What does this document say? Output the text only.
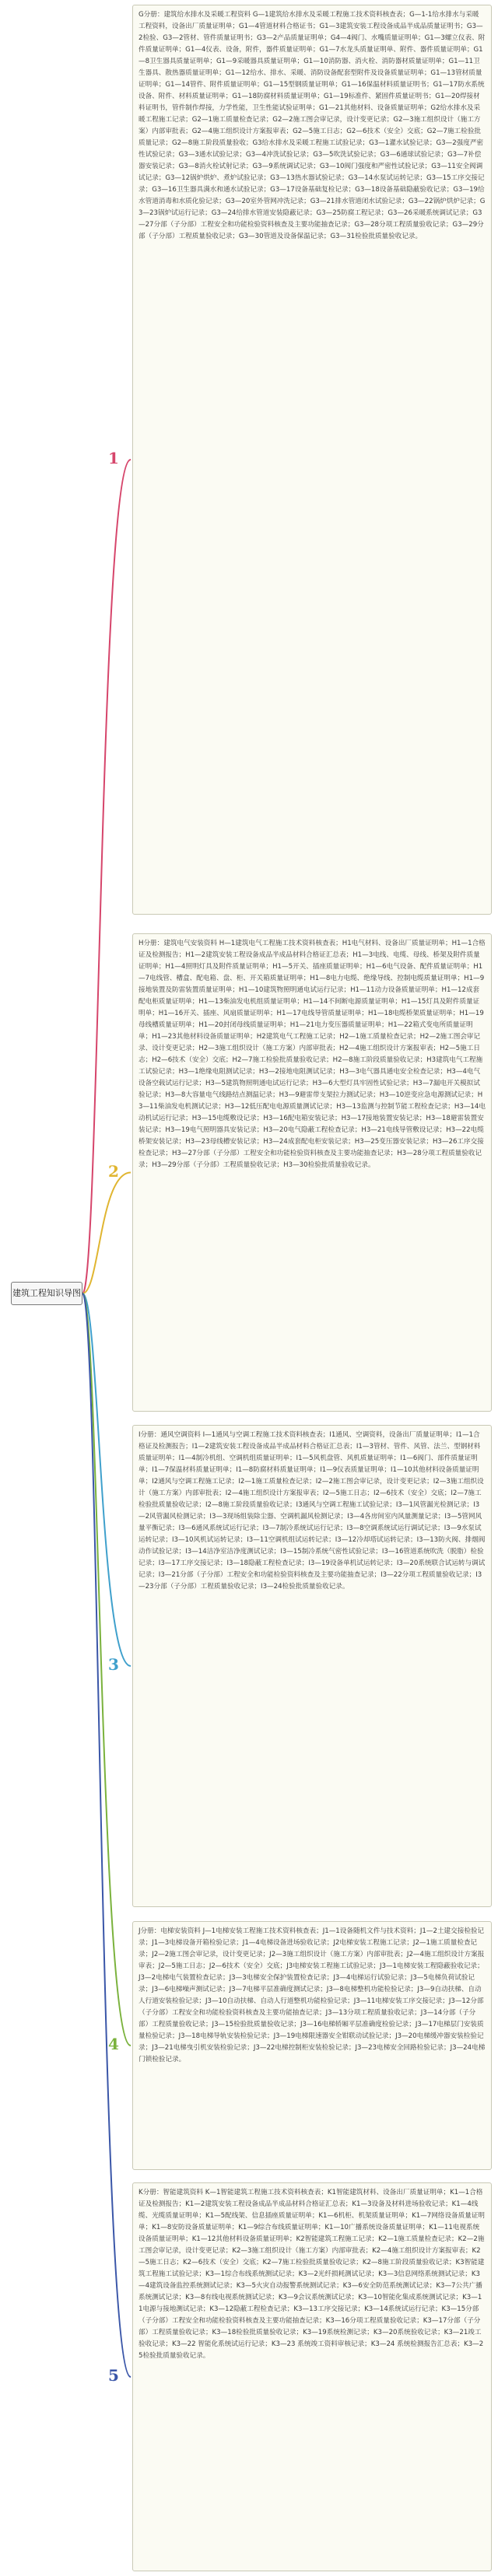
建筑工程知识导图
1
G分册：建筑给水排水及采暖工程资料 G—1建筑给水排水及采暖工程施工技术资料核查表；G—1-1给水排水与采暖工程资料，设备出厂质量证明单；G1—4管道材料合格证书；G1—3建筑安装工程设备成品半成品质量证明书；G3—2检验、G3—2管材、管件质量证明书；G3—2产品质量证明单；G4—4阀门、水嘴质量证明单；G1—3螺立仪表、附件质量证明单；G1—4仪表、设备，附件，器件质量证明单；G1—7水龙头质量证明单、附件、器件质量证明单；G1—8卫生器具质量证明单；G1—9采暖器具质量证明单；G1—10消防器、消火栓、消防器材质量证明单；G1—11卫生器具、散热器质量证明单；G1—12给水、排水、采暖、消防设备配套型附件及设备质量证明单；G1—13管材质量证明单；G1—14管件、附件质量证明单；G1—15型钢质量证明单；G1—16保温材料质量证明书；G1—17防水系统设备、附件、材料质量证明单；G1—18防腐材料质量证明单；G1—19标准件、紧固件质量证明书；G1—20焊接材料证明书，管件制作焊接，力学性能，卫生性能试验证明单；G1—21其他材料、设备质量证明单；G2给水排水及采暖工程施工记录；G2—1施工质量检查记录；G2—2施工图会审记录，设计变更记录；G2—3施工组织设计（施工方案）内部审批表；G2—4施工组织设计方案报审表；G2—5施工日志；G2—6技术（安全）交底；G2—7施工检验批质量记录；G2—8施工阶段质量验收；G3给水排水及采暖工程施工试验记录；G3—1灌水试验记录；G3—2强度严密性试验记录；G3—3通水试验记录；G3—4冲洗试验记录；G3—5吹洗试验记录；G3—6通球试验记录；G3—7补偿器安装记录；G3—8消火栓试射记录；G3—9系统调试记录；G3—10阀门强度和严密性试验记录；G3—11安全阀调试记录；G3—12锅炉烘炉、煮炉试验记录；G3—13热水器试验记录；G3—14水泵试运转记录；G3—15工序交接记录；G3—16卫生器具满水和通水试验记录；G3—17设备基础复检记录；G3—18设备基础隐蔽验收记录；G3—19给水管道消毒和水质化验记录；G3—20室外管网冲洗记录；G3—21排水管道闭水试验记录；G3—22锅炉烘炉记录；G3—23锅炉试运行记录；G3—24给排水管道安装隐蔽记录；G3—25防腐工程记录；G3—26采暖系统调试记录；G3—27分部（子分部）工程安全和功能检验资料核查及主要功能抽查记录；G3—28分项工程质量验收记录；G3—29分部（子分部）工程质量验收记录；G3—30管道及设备保温记录；G3—31检验批质量验收记录。
2
H分册：建筑电气安装资料 H—1建筑电气工程施工技术资料核查表；H1电气材料、设备出厂质量证明单；H1—1合格证及检测报告；H1—2建筑安装工程设备成品半成品材料合格证汇总表；H1—3电线、电缆、母线、桥架及附件质量证明单；H1—4照明灯具及附件质量证明单；H1—5开关、插座质量证明单；H1—6电气设备、配件质量证明单；H1—7电线管、槽盒、配电箱、盘、柜、开关箱质量证明单；H1—8电力电缆、绝缘导线、控制电缆质量证明单；H1—9接地装置及防雷装置质量证明单；H1—10建筑物照明通电试运行记录；H1—11动力设备质量证明单；H1—12成套配电柜质量证明单；H1—13柴油发电机组质量证明单；H1—14不间断电源质量证明单；H1—15灯具及附件质量证明单；H1—16开关、插座、风扇质量证明单；H1—17电线导管质量证明单；H1—18电缆桥架质量证明单；H1—19母线槽质量证明单；H1—20封闭母线质量证明单；H1—21电力变压器质量证明单；H1—22箱式变电所质量证明单；H1—23其他材料设备质量证明单；H2建筑电气工程施工记录；H2—1施工质量检查记录；H2—2施工图会审记录、设计变更记录；H2—3施工组织设计（施工方案）内部审批表；H2—4施工组织设计方案报审表；H2—5施工日志；H2—6技术（安全）交底；H2—7施工检验批质量验收记录；H2—8施工阶段质量验收记录；H3建筑电气工程施工试验记录；H3—1绝缘电阻测试记录；H3—2接地电阻测试记录；H3—3电气器具通电安全检查记录；H3—4电气设备空载试运行记录；H3—5建筑物照明通电试运行记录；H3—6大型灯具牢固性试验记录；H3—7漏电开关模拟试验记录；H3—8大容量电气线路结点测温记录；H3—9避雷带支架拉力测试记录；H3—10逆变应急电源测试记录；H3—11柴油发电机测试记录；H3—12低压配电电源质量测试记录；H3—13监测与控制节能工程检查记录；H3—14电动机试运行记录；H3—15电缆敷设记录；H3—16配电箱安装记录；H3—17接地装置安装记录；H3—18避雷装置安装记录；H3—19电气照明器具安装记录；H3—20电气隐蔽工程检查记录；H3—21电线导管敷设记录；H3—22电缆桥架安装记录；H3—23母线槽安装记录；H3—24成套配电柜安装记录；H3—25变压器安装记录；H3—26工序交接检查记录；H3—27分部（子分部）工程安全和功能检验资料核查及主要功能抽查记录；H3—28分项工程质量验收记录；H3—29分部（子分部）工程质量验收记录；H3—30检验批质量验收记录。
3
I分册：通风空调资料 I—1通风与空调工程施工技术资料核查表；I1通风、空调资料，设备出厂质量证明单；I1—1合格证及检测报告；I1—2建筑安装工程设备成品半成品材料合格证汇总表；I1—3管材、管件、风管、法兰、型钢材料质量证明单；I1—4制冷机组、空调机组质量证明单；I1—5风机盘管、风机质量证明单；I1—6阀门、部件质量证明单；I1—7保温材料质量证明单；I1—8防腐材料质量证明单；I1—9仪表质量证明单；I1—10其他材料设备质量证明单；I2通风与空调工程施工记录；I2—1施工质量检查记录；I2—2施工图会审记录，设计变更记录；I2—3施工组织设计（施工方案）内部审批表；I2—4施工组织设计方案报审表；I2—5施工日志；I2—6技术（安全）交底；I2—7施工检验批质量验收记录；I2—8施工阶段质量验收记录；I3通风与空调工程施工试验记录；I3—1风管漏光检测记录；I3—2风管漏风检测记录；I3—3现场组装除尘器、空调机漏风检测记录；I3—4各房间室内风量测量记录；I3—5管网风量平衡记录；I3—6通风系统试运行记录；I3—7制冷系统试运行记录；I3—8空调系统试运行调试记录；I3—9水泵试运转记录；I3—10风机试运转记录；I3—11空调机组试运转记录；I3—12冷却塔试运转记录；I3—13防火阀、排烟阀动作试验记录；I3—14洁净室洁净度测试记录；I3—15制冷系统气密性试验记录；I3—16管道系统吹洗（脱脂）检验记录；I3—17工序交接记录；I3—18隐蔽工程检查记录；I3—19设备单机试运转记录；I3—20系统联合试运转与调试记录；I3—21分部（子分部）工程安全和功能检验资料核查及主要功能抽查记录；I3—22分项工程质量验收记录；I3—23分部（子分部）工程质量验收记录；I3—24检验批质量验收记录。
4
J分册：电梯安装资料 J—1电梯安装工程施工技术资料核查表；J1—1设备随机文件与技术资料；J1—2土建交接检验记录；J1—3电梯设备开箱检验记录；J1—4电梯设备进场验收记录；J2电梯安装工程施工记录；J2—1施工质量检查记录；J2—2施工图会审记录，设计变更记录；J2—3施工组织设计（施工方案）内部审批表；J2—4施工组织设计方案报审表；J2—5施工日志；J2—6技术（安全）交底；J3电梯安装工程施工试验记录；J3—1电梯安装工程隐蔽验收记录；J3—2电梯电气装置检查记录；J3—3电梯安全保护装置检查记录；J3—4电梯运行试验记录；J3—5电梯负荷试验记录；J3—6电梯噪声测试记录；J3—7电梯平层准确度测试记录；J3—8电梯整机功能检验记录；J3—9自动扶梯、自动人行道安装检验记录；J3—10自动扶梯、自动人行道整机功能检验记录；J3—11电梯安装工序交接记录；J3—12分部（子分部）工程安全和功能检验资料核查及主要功能抽查记录；J3—13分项工程质量验收记录；J3—14分部（子分部）工程质量验收记录；J3—15检验批质量验收记录；J3—16电梯轿厢平层准确度检验记录；J3—17电梯层门安装质量检验记录；J3—18电梯导轨安装检验记录；J3—19电梯限速器安全钳联动试验记录；J3—20电梯缓冲器安装检验记录；J3—21电梯曳引机安装检验记录；J3—22电梯控制柜安装检验记录；J3—23电梯安全回路检验记录；J3—24电梯门锁检验记录。
5
K分册：智能建筑资料 K—1智能建筑工程施工技术资料核查表；K1智能建筑材料、设备出厂质量证明单；K1—1合格证及检测报告；K1—2建筑安装工程设备成品半成品材料合格证汇总表；K1—3设备及材料进场验收记录；K1—4线缆、光缆质量证明单；K1—5配线架、信息插座质量证明单；K1—6机柜、机架质量证明单；K1—7网络设备质量证明单；K1—8安防设备质量证明单；K1—9综合布线质量证明单；K1—10广播系统设备质量证明单；K1—11电视系统设备质量证明单；K1—12其他材料设备质量证明单；K2智能建筑工程施工记录；K2—1施工质量检查记录；K2—2施工图会审记录，设计变更记录；K2—3施工组织设计（施工方案）内部审批表；K2—4施工组织设计方案报审表；K2—5施工日志；K2—6技术（安全）交底；K2—7施工检验批质量验收记录；K2—8施工阶段质量验收记录；K3智能建筑工程施工试验记录；K3—1综合布线系统测试记录；K3—2光纤损耗测试记录；K3—3信息网络系统测试记录；K3—4建筑设备监控系统测试记录；K3—5火灾自动报警系统测试记录；K3—6安全防范系统测试记录；K3—7公共广播系统测试记录；K3—8有线电视系统测试记录；K3—9会议系统测试记录；K3—10智能化集成系统测试记录；K3—11电源与接地测试记录；K3—12隐蔽工程检查记录；K3—13工序交接记录；K3—14系统试运行记录；K3—15分部（子分部）工程安全和功能检验资料核查及主要功能抽查记录；K3—16分项工程质量验收记录；K3—17分部（子分部）工程质量验收记录；K3—18检验批质量验收记录；K3—19系统检测记录；K3—20系统验收记录；K3—21竣工验收记录；K3—22 智能化系统试运行记录；K3—23 系统竣工资料审核记录；K3—24 系统检测报告汇总表；K3—25检验批质量验收记录。
